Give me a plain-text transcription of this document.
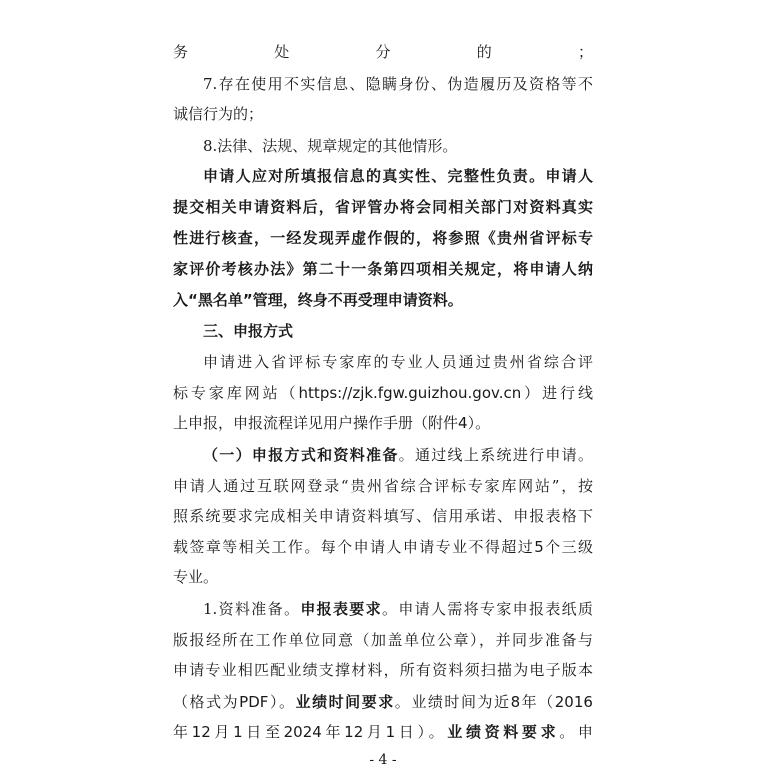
务处分的；
7.存在使用不实信息、隐瞒身份、伪造履历及资格等不
诚信行为的；
8.法律、法规、规章规定的其他情形。
申请人应对所填报信息的真实性、完整性负责。申请人
提交相关申请资料后，省评管办将会同相关部门对资料真实
性进行核查，一经发现弄虚作假的，将参照《贵州省评标专
家评价考核办法》第二十一条第四项相关规定，将申请人纳
入“黑名单”管理，终身不再受理申请资料。
三、申报方式
申请进入省评标专家库的专业人员通过贵州省综合评
标专家库网站（https://zjk.fgw.guizhou.gov.cn）进行线
上申报，申报流程详见用户操作手册（附件4）。
（一）申报方式和资料准备。通过线上系统进行申请。
申请人通过互联网登录“贵州省综合评标专家库网站”，按
照系统要求完成相关申请资料填写、信用承诺、申报表格下
载签章等相关工作。每个申请人申请专业不得超过5个三级
专业。
1.资料准备。申报表要求。申请人需将专家申报表纸质
版报经所在工作单位同意（加盖单位公章），并同步准备与
申请专业相匹配业绩支撑材料，所有资料须扫描为电子版本
（格式为PDF）。业绩时间要求。业绩时间为近8年（2016
年12月1日至2024年12月1日）。业绩资料要求。申
- 4 -
